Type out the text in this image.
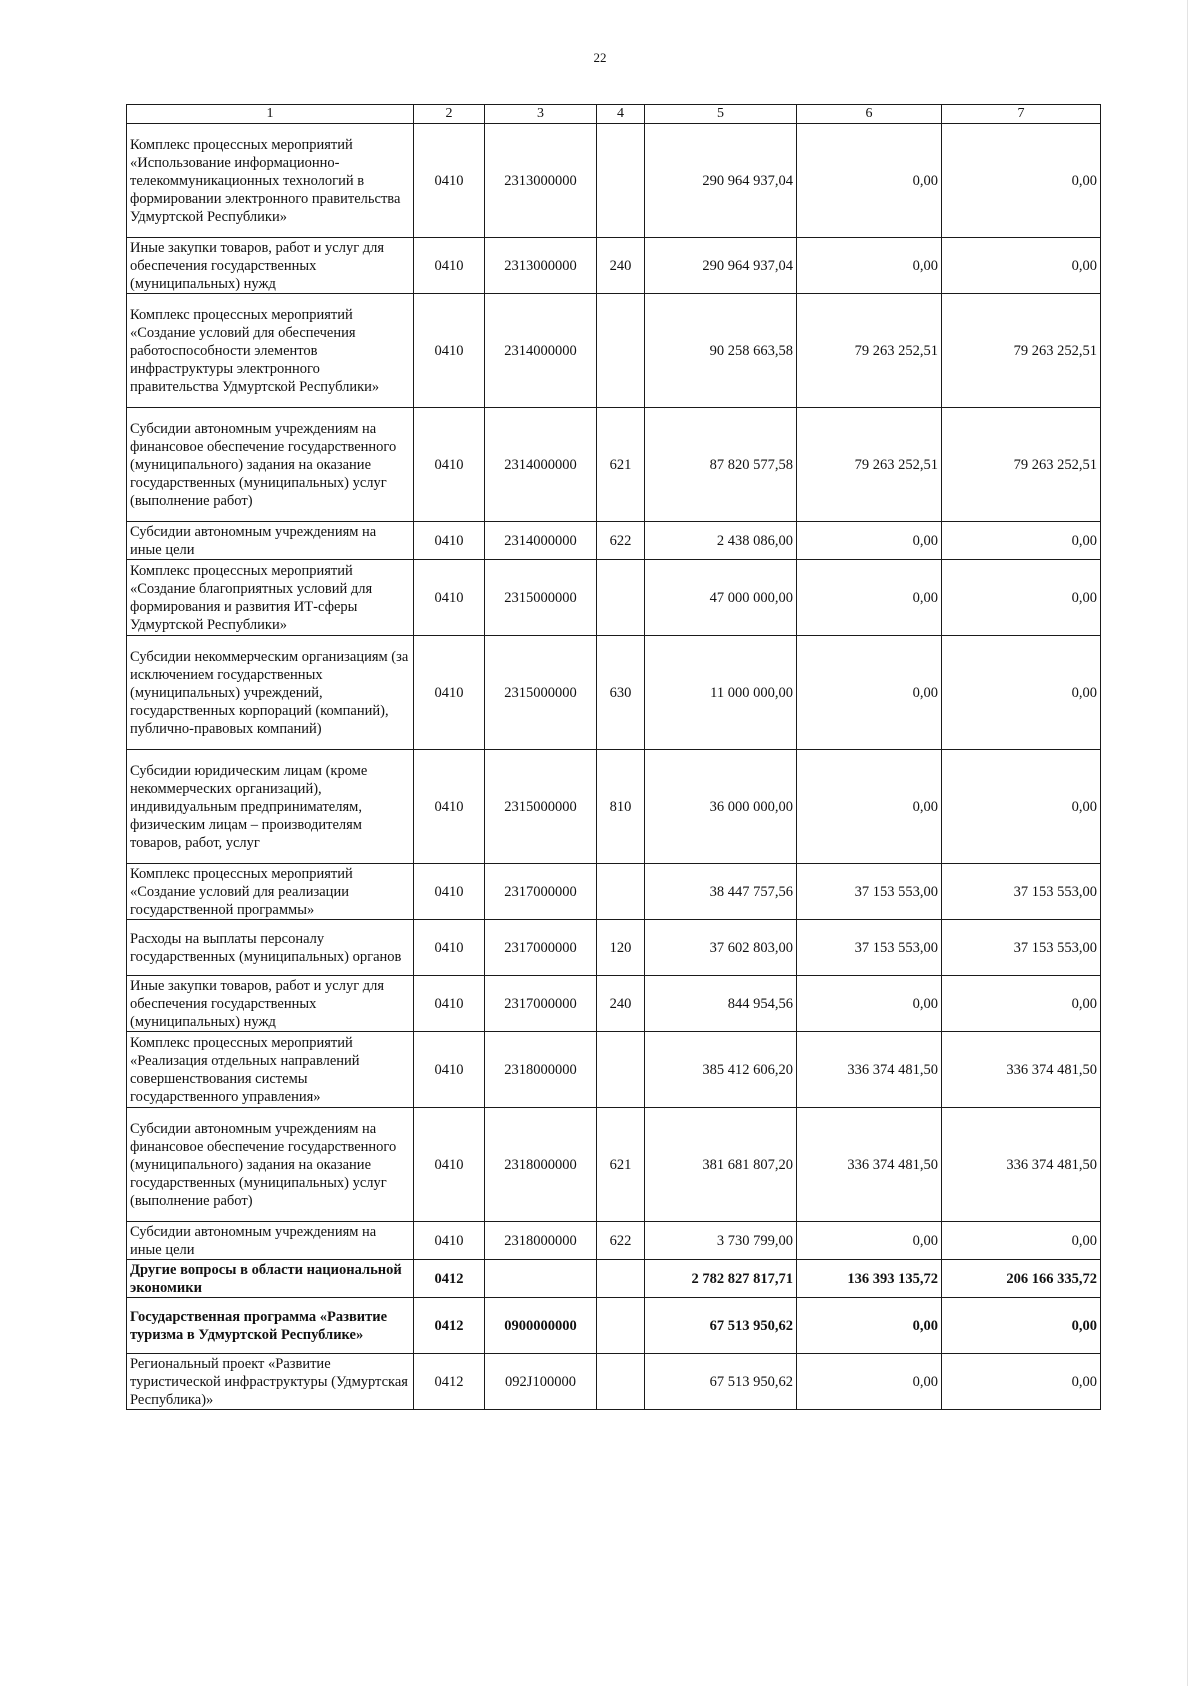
22
1	2	3	4	5	6	7
Комплекс процессных мероприятий «Использование информационно-телекоммуникационных технологий в формировании электронного правительства Удмуртской Республики»	0410	2313000000		290 964 937,04	0,00	0,00
Иные закупки товаров, работ и услуг для обеспечения государственных (муниципальных) нужд	0410	2313000000	240	290 964 937,04	0,00	0,00
Комплекс процессных мероприятий «Создание условий для обеспечения работоспособности элементов инфраструктуры электронного правительства Удмуртской Республики»	0410	2314000000		90 258 663,58	79 263 252,51	79 263 252,51
Субсидии автономным учреждениям на финансовое обеспечение государственного (муниципального) задания на оказание государственных (муниципальных) услуг (выполнение работ)	0410	2314000000	621	87 820 577,58	79 263 252,51	79 263 252,51
Субсидии автономным учреждениям на иные цели	0410	2314000000	622	2 438 086,00	0,00	0,00
Комплекс процессных мероприятий «Создание благоприятных условий для формирования и развития ИТ-сферы Удмуртской Республики»	0410	2315000000		47 000 000,00	0,00	0,00
Субсидии некоммерческим организациям (за исключением государственных (муниципальных) учреждений, государственных корпораций (компаний), публично-правовых компаний)	0410	2315000000	630	11 000 000,00	0,00	0,00
Субсидии юридическим лицам (кроме некоммерческих организаций), индивидуальным предпринимателям, физическим лицам – производителям товаров, работ, услуг	0410	2315000000	810	36 000 000,00	0,00	0,00
Комплекс процессных мероприятий «Создание условий для реализации государственной программы»	0410	2317000000		38 447 757,56	37 153 553,00	37 153 553,00
Расходы на выплаты персоналу государственных (муниципальных) органов	0410	2317000000	120	37 602 803,00	37 153 553,00	37 153 553,00
Иные закупки товаров, работ и услуг для обеспечения государственных (муниципальных) нужд	0410	2317000000	240	844 954,56	0,00	0,00
Комплекс процессных мероприятий «Реализация отдельных направлений совершенствования системы государственного управления»	0410	2318000000		385 412 606,20	336 374 481,50	336 374 481,50
Субсидии автономным учреждениям на финансовое обеспечение государственного (муниципального) задания на оказание государственных (муниципальных) услуг (выполнение работ)	0410	2318000000	621	381 681 807,20	336 374 481,50	336 374 481,50
Субсидии автономным учреждениям на иные цели	0410	2318000000	622	3 730 799,00	0,00	0,00
Другие вопросы в области национальной экономики	0412			2 782 827 817,71	136 393 135,72	206 166 335,72
Государственная программа «Развитие туризма в Удмуртской Республике»	0412	0900000000		67 513 950,62	0,00	0,00
Региональный проект «Развитие туристической инфраструктуры (Удмуртская Республика)»	0412	092J100000		67 513 950,62	0,00	0,00
